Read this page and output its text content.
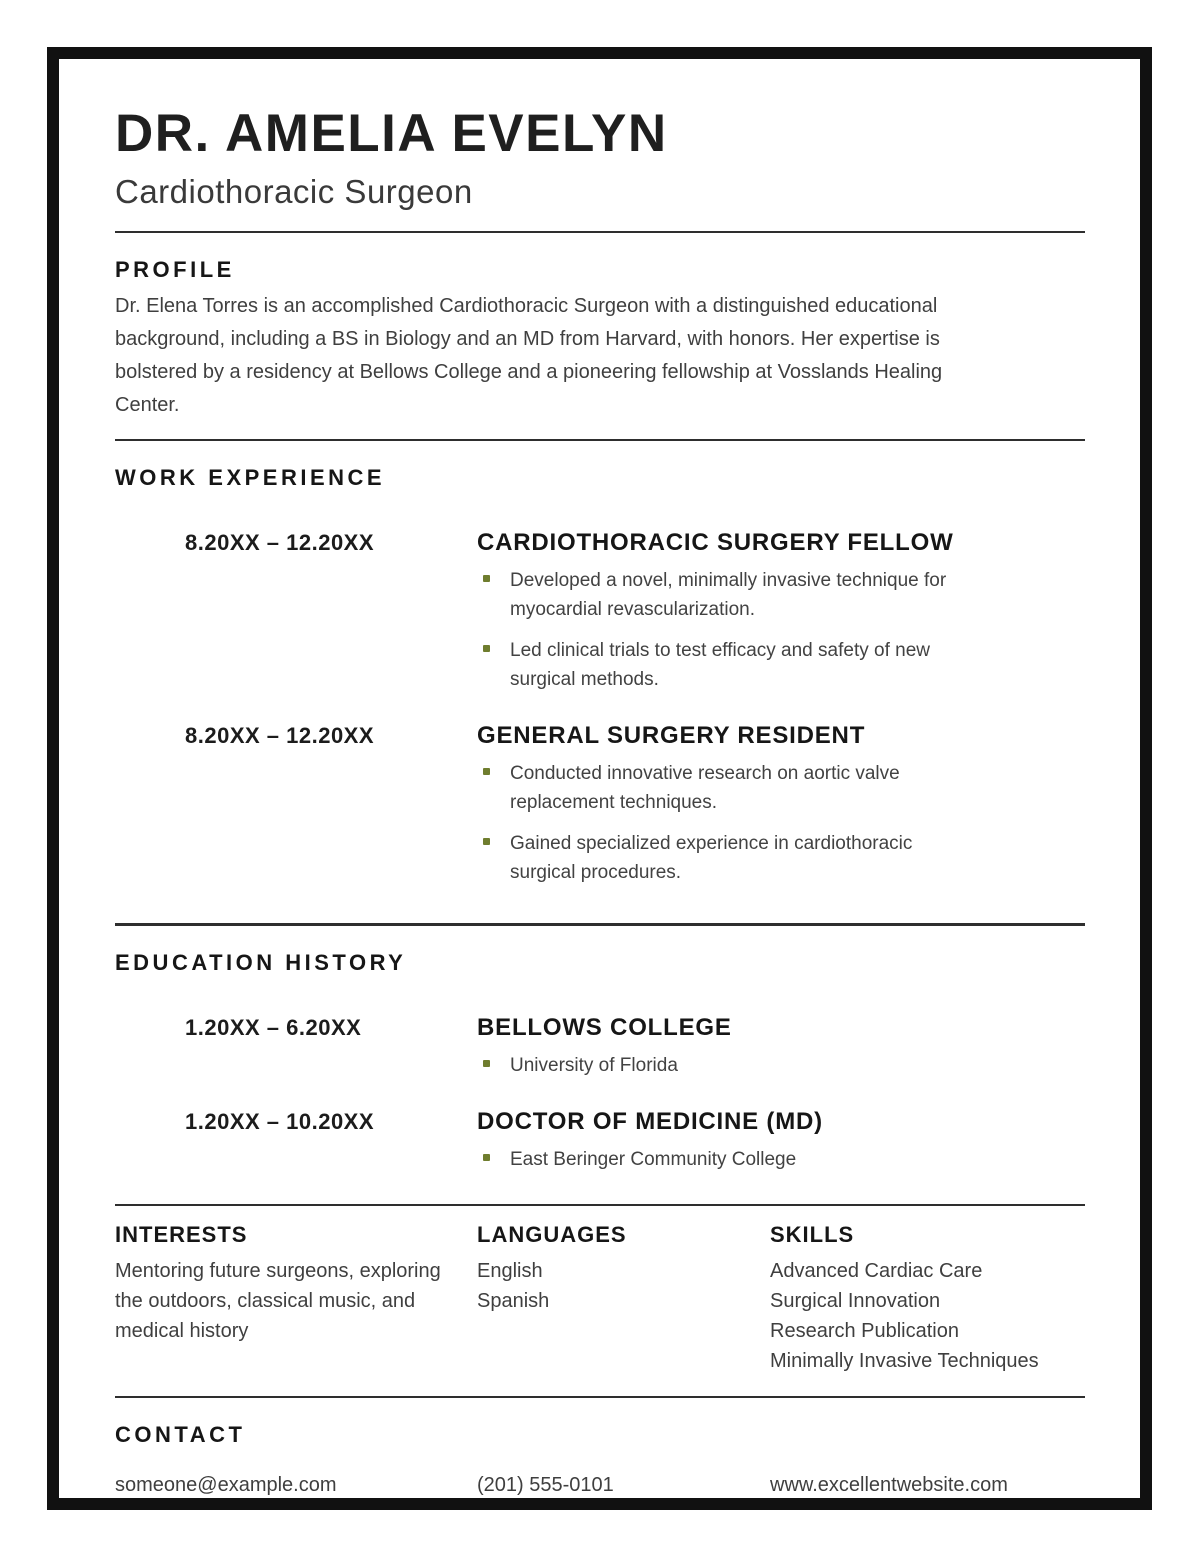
DR. AMELIA EVELYN
Cardiothoracic Surgeon
PROFILE

Dr. Elena Torres is an accomplished Cardiothoracic Surgeon with a distinguished educational background, including a BS in Biology and an MD from Harvard, with honors. Her expertise is bolstered by a residency at Bellows College and a pioneering fellowship at Vosslands Healing Center.

WORK EXPERIENCE
8.20XX – 12.20XX	CARDIOTHORACIC SURGERY FELLOW
Developed a novel, minimally invasive technique for myocardial revascularization.
Led clinical trials to test efficacy and safety of new surgical methods.
8.20XX – 12.20XX	GENERAL SURGERY RESIDENT
Conducted innovative research on aortic valve replacement techniques.
Gained specialized experience in cardiothoracic surgical procedures.
EDUCATION HISTORY
1.20XX – 6.20XX	BELLOWS COLLEGE
University of Florida
1.20XX – 10.20XX	DOCTOR OF MEDICINE (MD)
East Beringer Community College
INTERESTS

Mentoring future surgeons, exploring the outdoors, classical music, and medical history

LANGUAGES
English
Spanish
SKILLS
Advanced Cardiac Care
Surgical Innovation
Research Publication
Minimally Invasive Techniques
CONTACT
someone@example.com	(201) 555-0101	www.excellentwebsite.com
